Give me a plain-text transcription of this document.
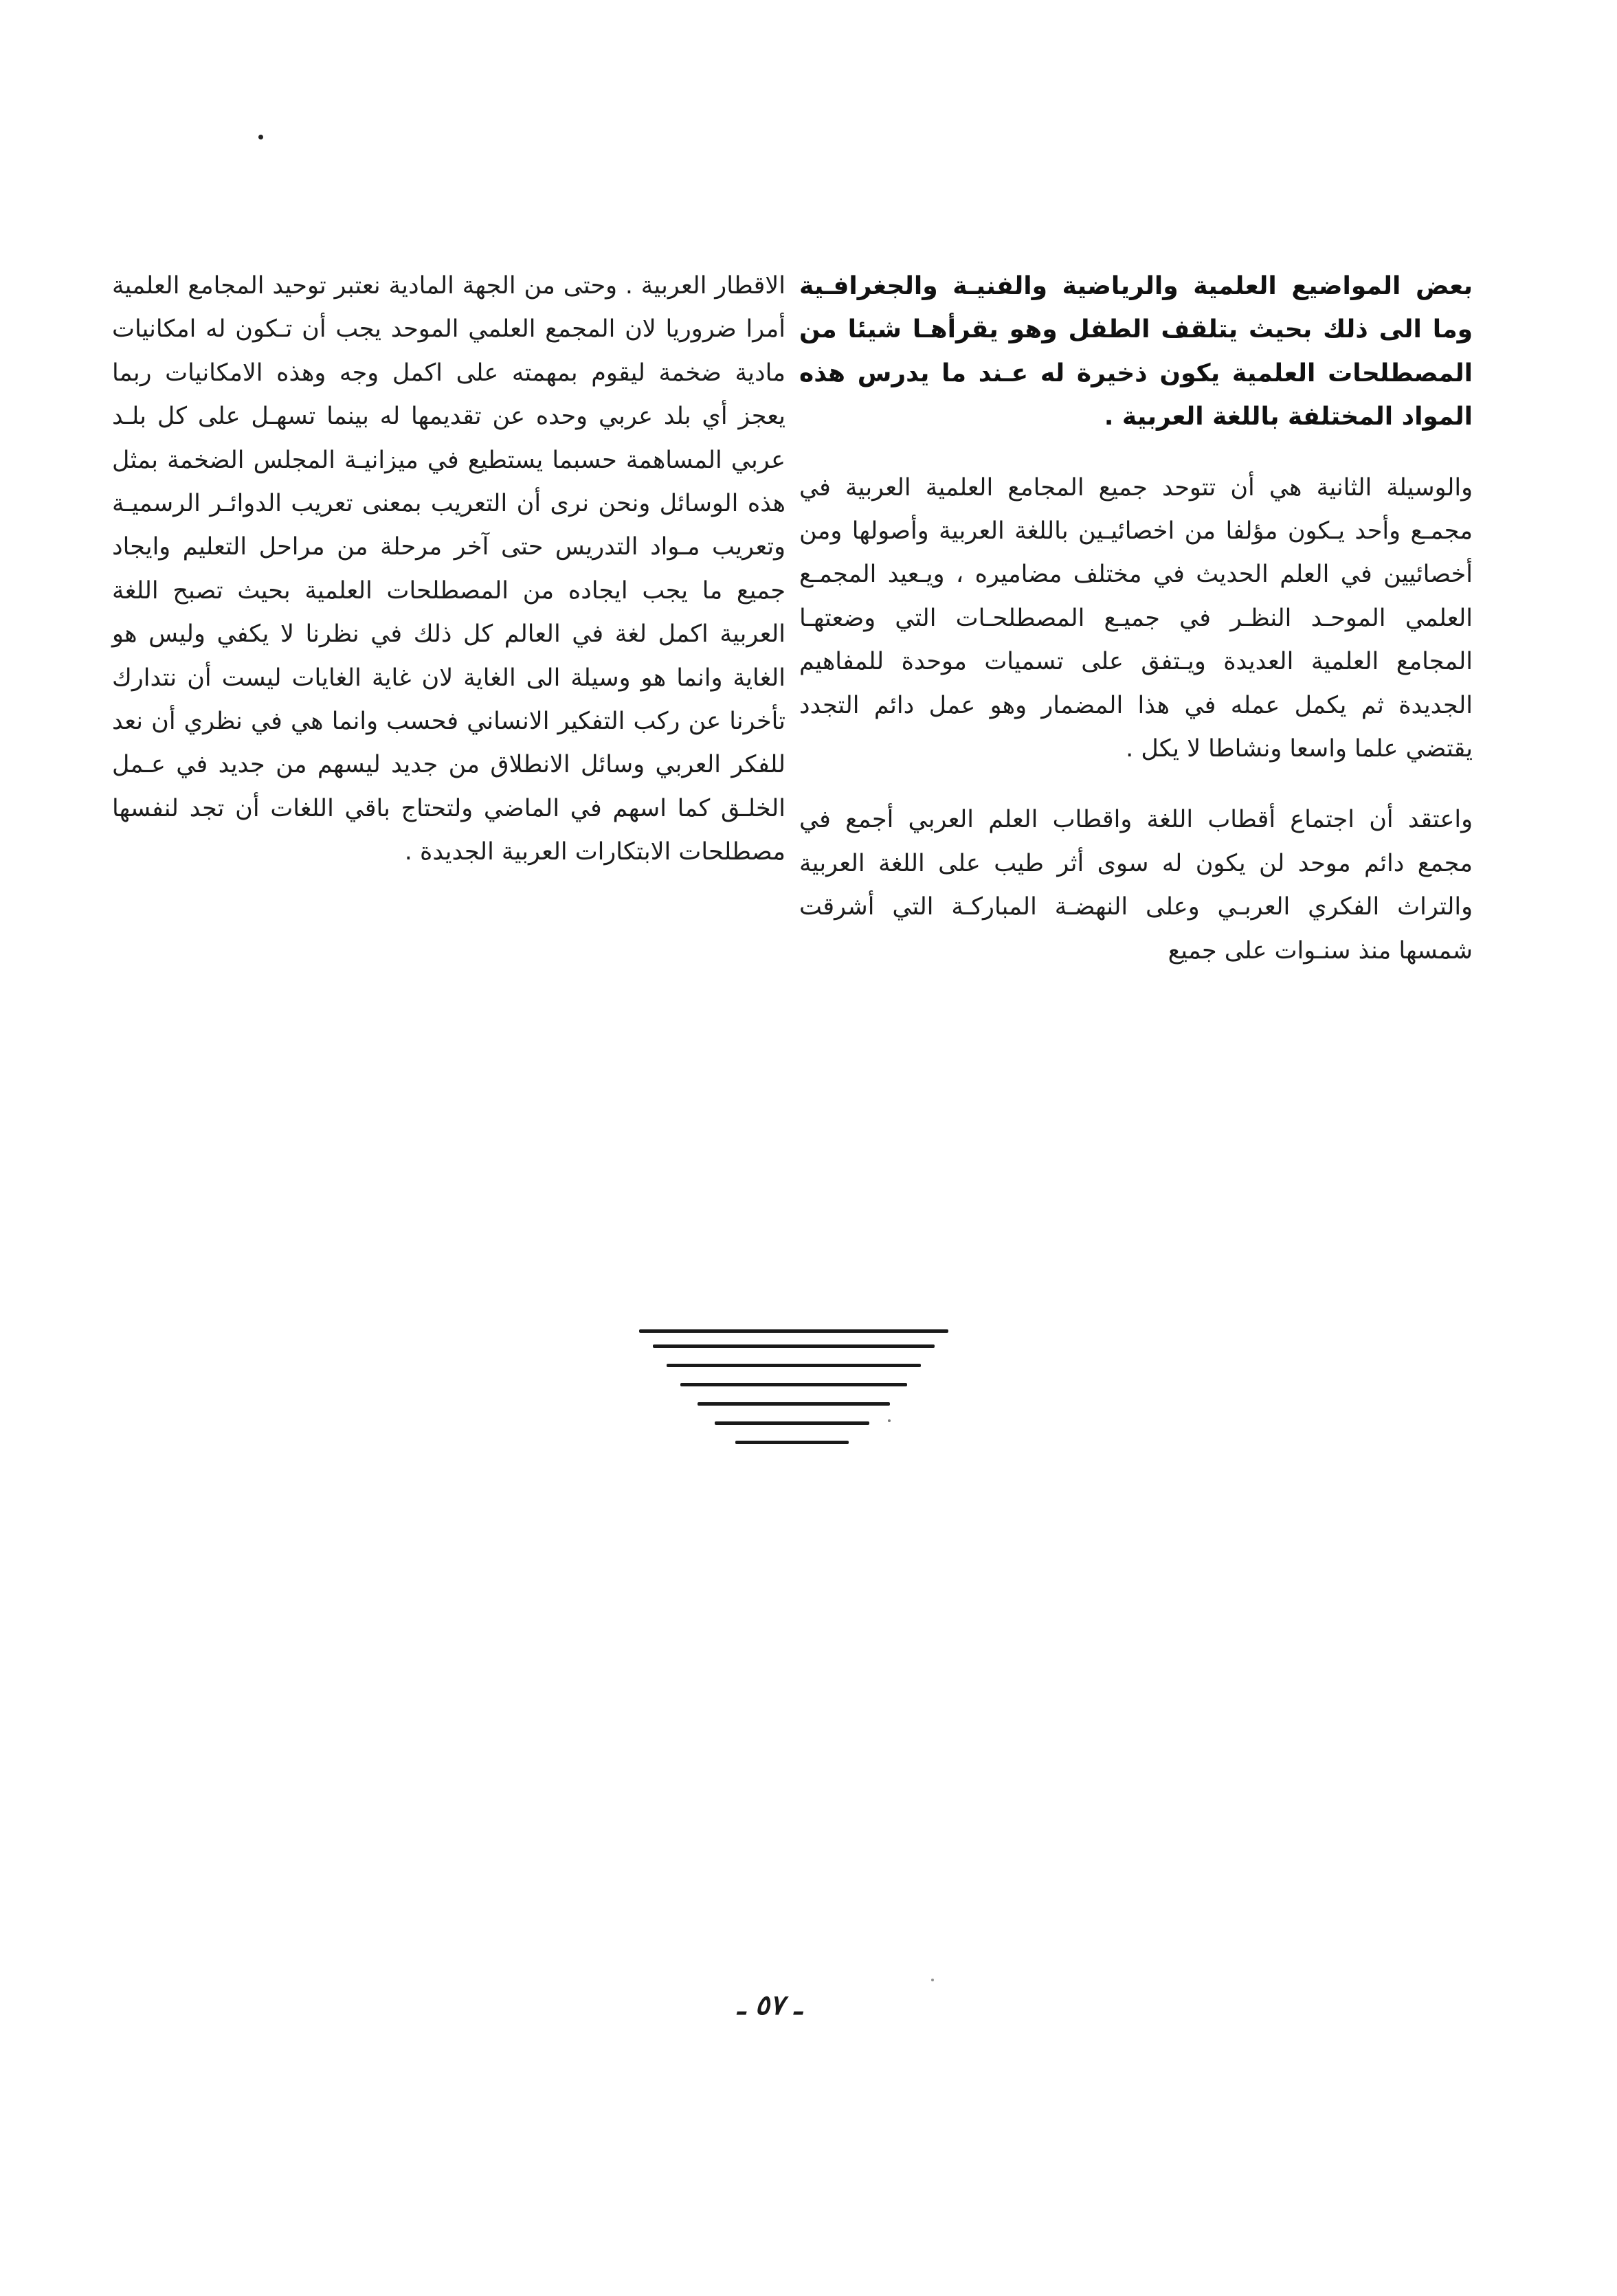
بعض المواضيع العلمية والرياضية والفنيـة والجغرافـية وما الى ذلك بحيث يتلقف الطفل وهو يقرأهـا شيئا من المصطلحات العلمية يكون ذخيرة له عـند ما يدرس هذه المواد المختلفة باللغة العربية .

والوسيلة الثانية هي أن تتوحد جميع المجامع العلمية العربية في مجمـع وأحد يـكون مؤلفا من اخصائيـين باللغة العربية وأصولها ومن أخصائيين في العلم الحديث في مختلف مضاميره ، ويـعيد المجمـع العلمي الموحـد النظـر في جميـع المصطلحـات التي وضعتهـا المجامع العلمية العديدة ويـتفق على تسميات موحدة للمفاهيم الجديدة ثم يكمل عمله في هذا المضمار وهو عمل دائم التجدد يقتضي علما واسعا ونشاطا لا يكل .

واعتقد أن اجتماع أقطاب اللغة واقطاب العلم العربي أجمع في مجمع دائم موحد لن يكون له سوى أثر طيب على اللغة العربية والتراث الفكري العربـي وعلى النهضـة المباركـة التي أشرقت شمسها منذ سنـوات على جميع

الاقطار العربية . وحتى من الجهة المادية نعتبر توحيد المجامع العلمية أمرا ضروريا لان المجمع العلمي الموحد يجب أن تـكون له امكانيات مادية ضخمة ليقوم بمهمته على اكمل وجه وهذه الامكانيات ربما يعجز أي بلد عربي وحده عن تقديمها له بينما تسهـل على كل بلـد عربي المساهمة حسبما يستطيع في ميزانيـة المجلس الضخمة بمثل هذه الوسائل ونحن نرى أن التعريب بمعنى تعريب الدوائـر الرسميـة وتعريب مـواد التدريس حتى آخر مرحلة من مراحل التعليم وايجاد جميع ما يجب ايجاده من المصطلحات العلمية بحيث تصبح اللغة العربية اكمل لغة في العالم كل ذلك في نظرنا لا يكفي وليس هو الغاية وانما هو وسيلة الى الغاية لان غاية الغايات ليست أن نتدارك تأخرنا عن ركب التفكير الانساني فحسب وانما هي في نظري أن نعد للفكر العربي وسائل الانطلاق من جديد ليسهم من جديد في عـمل الخلـق كما اسهم في الماضي ولتحتاج باقي اللغات أن تجد لنفسها مصطلحات الابتكارات العربية الجديدة .

ـ ٥٧ ـ
